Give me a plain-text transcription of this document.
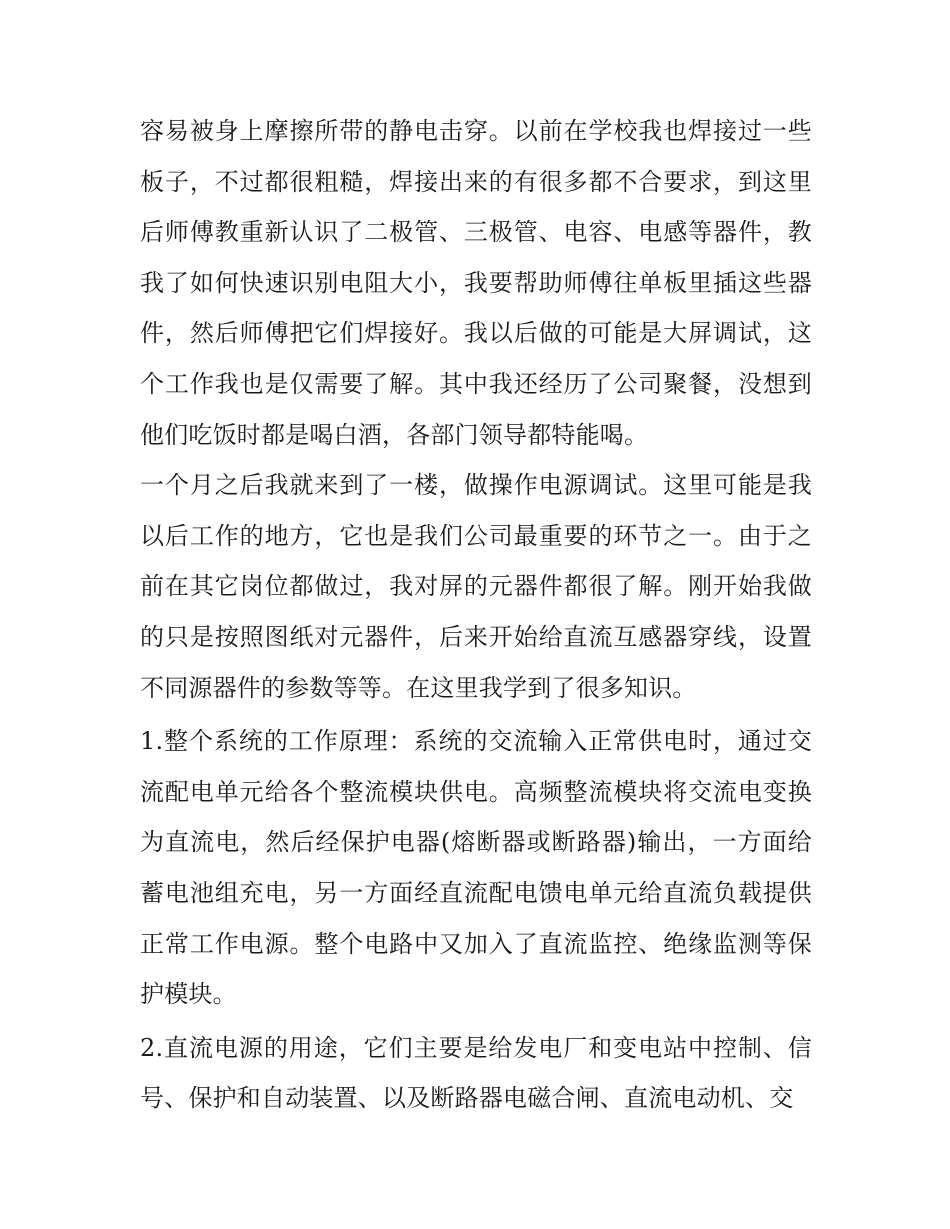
容易被身上摩擦所带的静电击穿。以前在学校我也焊接过一些板子，不过都很粗糙，焊接出来的有很多都不合要求，到这里后师傅教重新认识了二极管、三极管、电容、电感等器件，教我了如何快速识别电阻大小，我要帮助师傅往单板里插这些器件，然后师傅把它们焊接好。我以后做的可能是大屏调试，这个工作我也是仅需要了解。其中我还经历了公司聚餐，没想到他们吃饭时都是喝白酒，各部门领导都特能喝。

一个月之后我就来到了一楼，做操作电源调试。这里可能是我以后工作的地方，它也是我们公司最重要的环节之一。由于之前在其它岗位都做过，我对屏的元器件都很了解。刚开始我做的只是按照图纸对元器件，后来开始给直流互感器穿线，设置不同源器件的参数等等。在这里我学到了很多知识。

1.整个系统的工作原理：系统的交流输入正常供电时，通过交流配电单元给各个整流模块供电。高频整流模块将交流电变换为直流电，然后经保护电器(熔断器或断路器)输出，一方面给蓄电池组充电，另一方面经直流配电馈电单元给直流负载提供正常工作电源。整个电路中又加入了直流监控、绝缘监测等保护模块。

2.直流电源的用途，它们主要是给发电厂和变电站中控制、信号、保护和自动装置、以及断路器电磁合闸、直流电动机、交
